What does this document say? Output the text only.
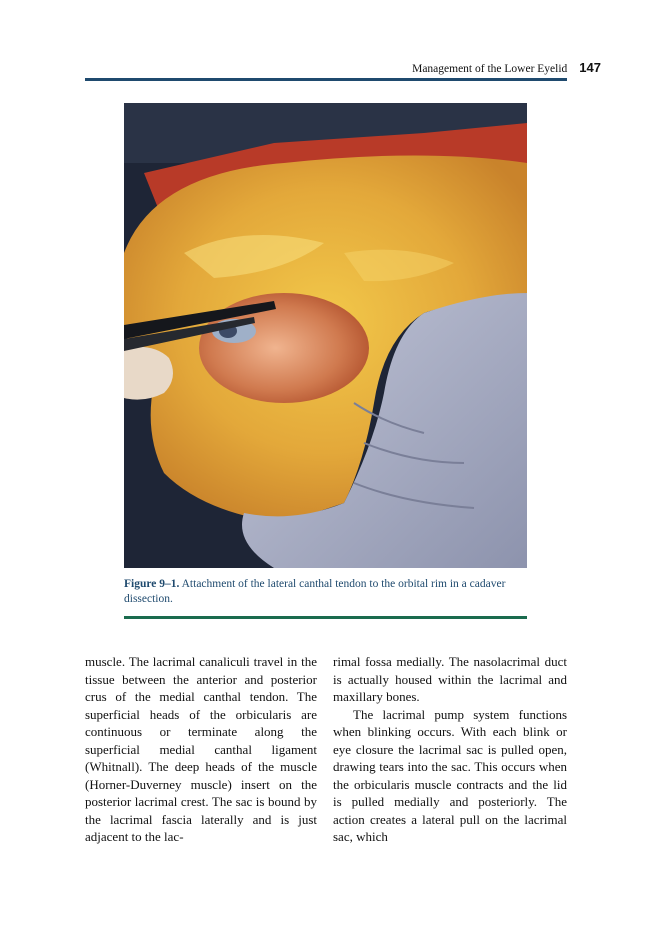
Management of the Lower Eyelid 147
Figure 9–1. Attachment of the lateral canthal tendon to the orbital rim in a cadaver dissection.

muscle. The lacrimal canaliculi travel in the tissue between the anterior and posterior crus of the medial canthal tendon. The superficial heads of the orbicularis are continuous or terminate along the superficial medial canthal ligament (Whitnall). The deep heads of the muscle (Horner-Duverney muscle) insert on the posterior lacrimal crest. The sac is bound by the lacrimal fascia laterally and is just adjacent to the lac-

rimal fossa medially. The nasolacrimal duct is actually housed within the lacrimal and maxillary bones.

The lacrimal pump system functions when blinking occurs. With each blink or eye closure the lacrimal sac is pulled open, drawing tears into the sac. This occurs when the orbicularis muscle contracts and the lid is pulled medially and posteriorly. The action creates a lateral pull on the lacrimal sac, which
